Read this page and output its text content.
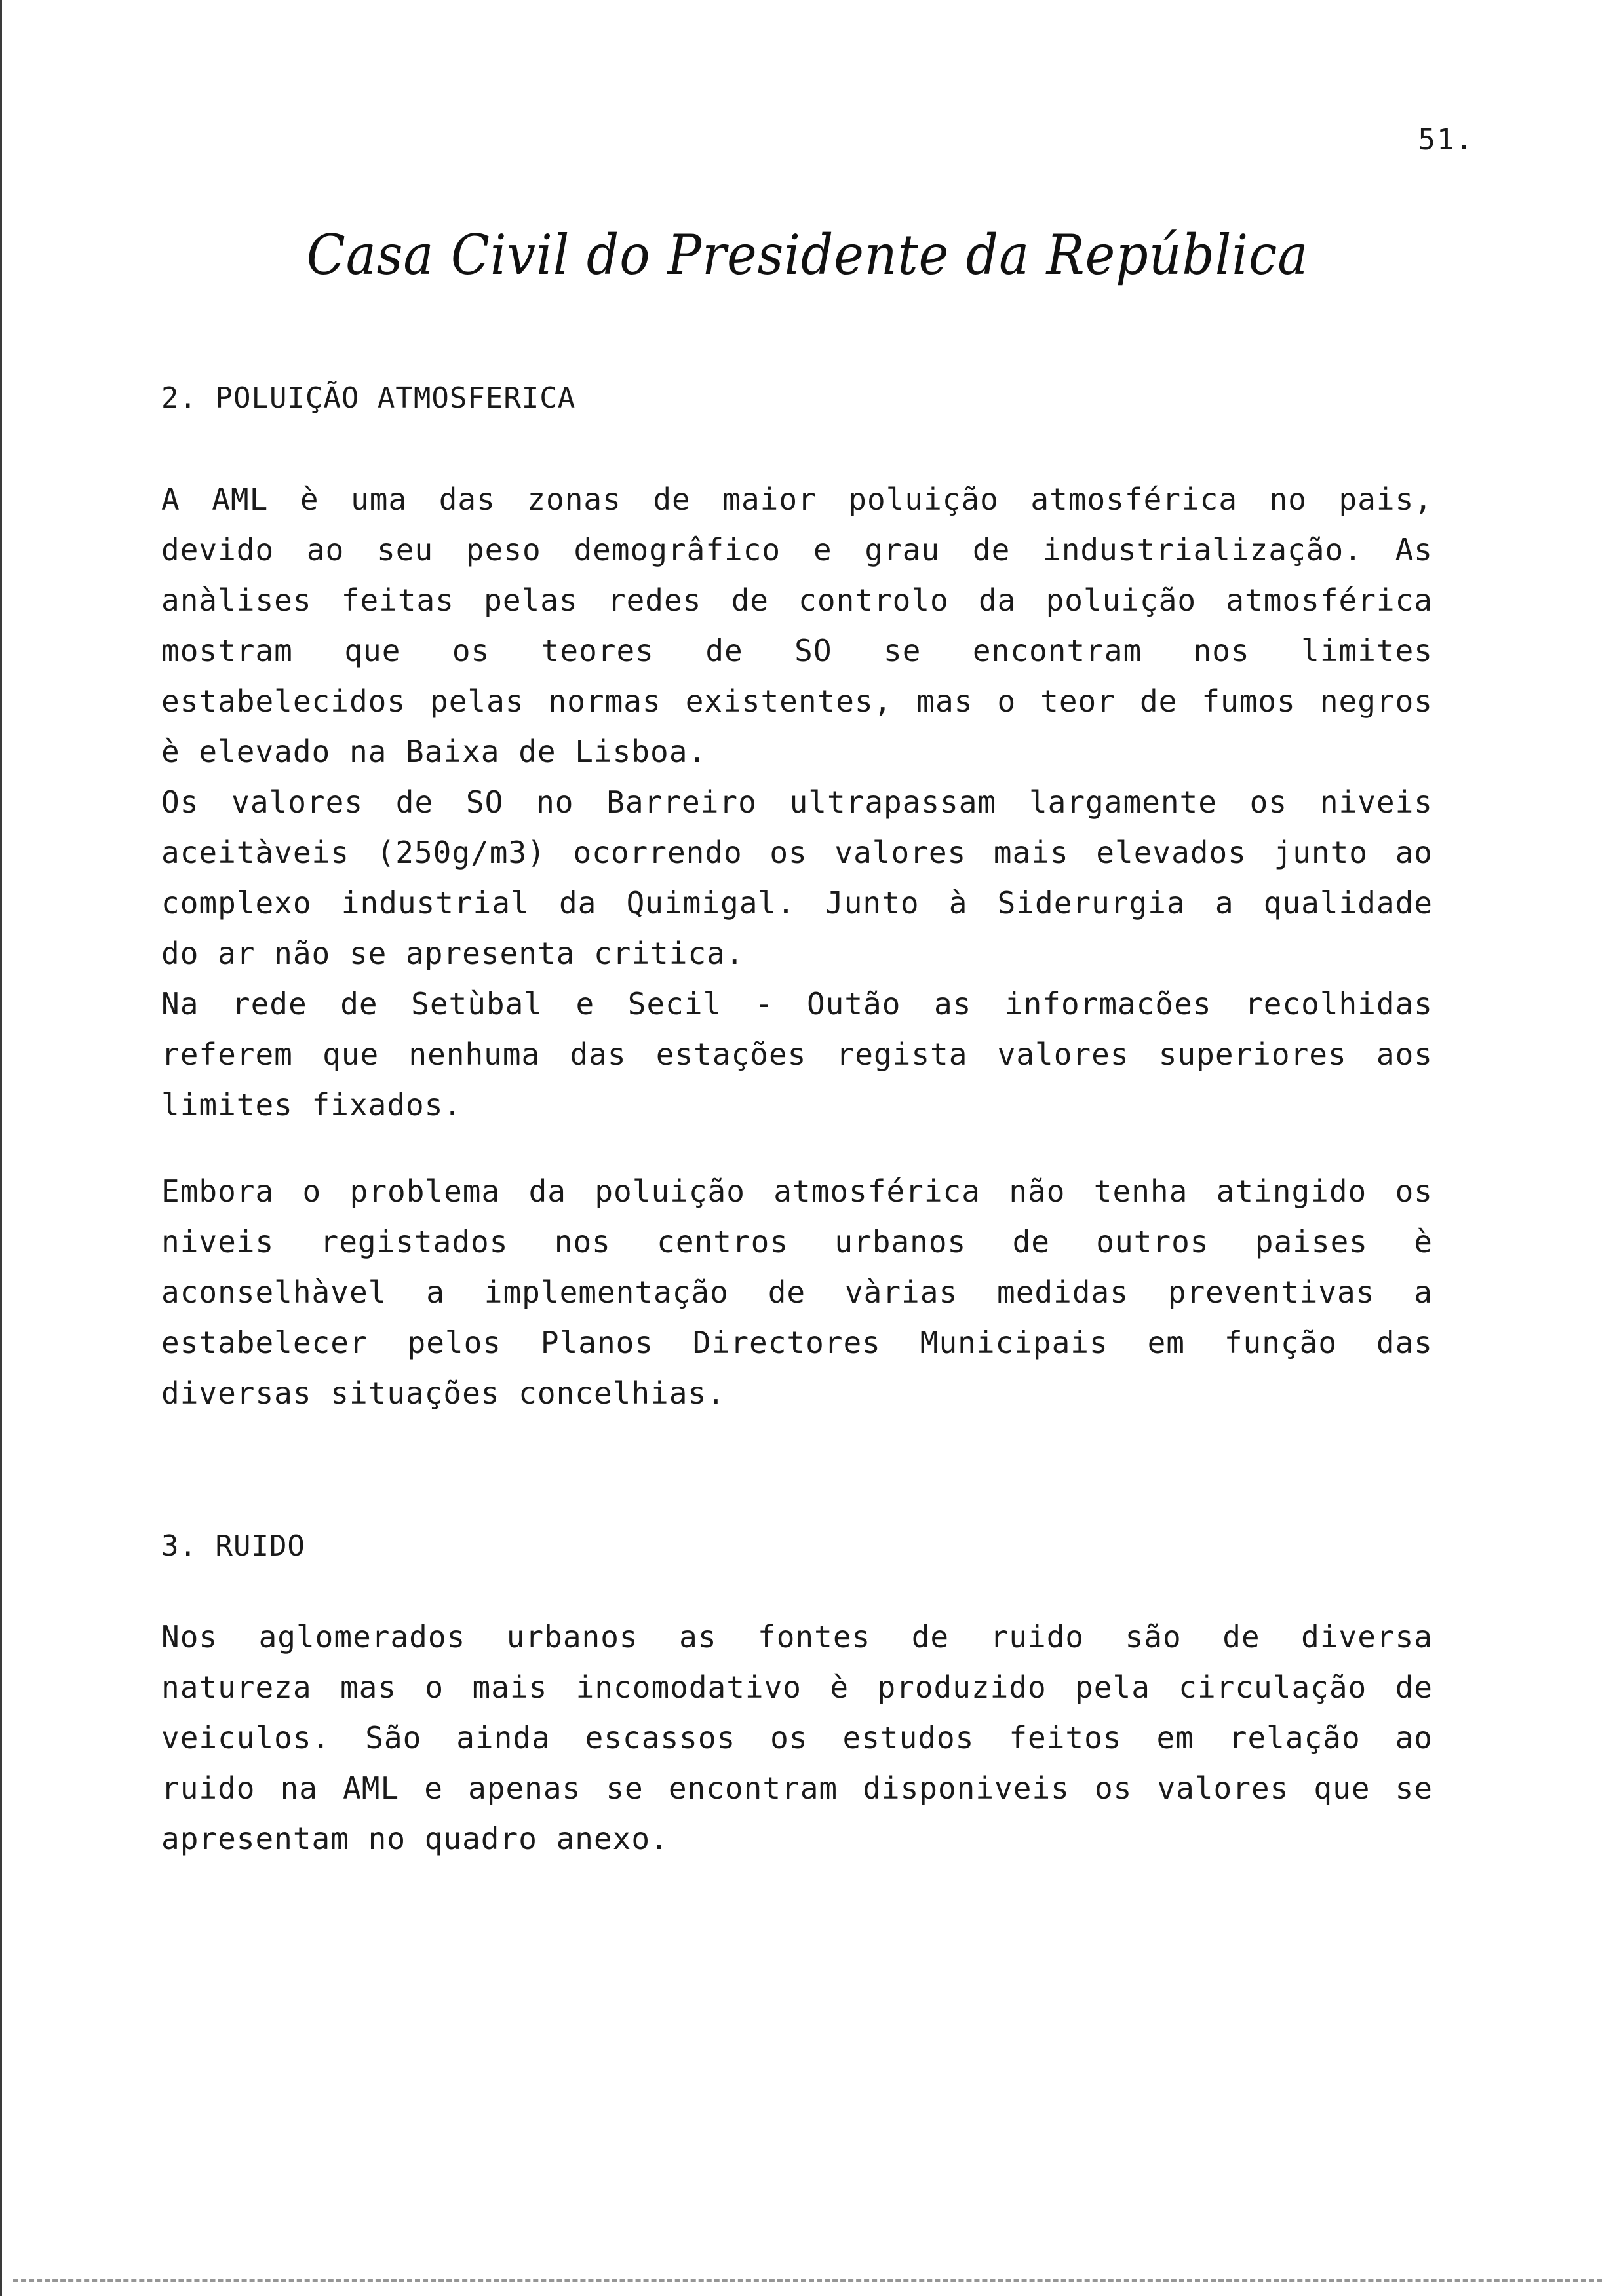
51.
Casa Civil do Presidente da República
2. POLUIÇÃO ATMOSFERICA
A AML è uma das zonas de maior poluição atmosférica no pais,
devido ao seu peso demogrâfico e grau de industrialização. As
anàlises feitas pelas redes de controlo da poluição atmosférica
mostram que os teores de SO se encontram nos limites
estabelecidos pelas normas existentes, mas o teor de fumos negros
è elevado na Baixa de Lisboa.
Os valores de SO no Barreiro ultrapassam largamente os niveis
aceitàveis (250g/m3) ocorrendo os valores mais elevados junto ao
complexo industrial da Quimigal. Junto à Siderurgia a qualidade
do ar não se apresenta critica.
Na rede de Setùbal e Secil - Outão as informacões recolhidas
referem que nenhuma das estações regista valores superiores aos
limites fixados.
Embora o problema da poluição atmosférica não tenha atingido os
niveis registados nos centros urbanos de outros paises è
aconselhàvel a implementação de vàrias medidas preventivas a
estabelecer pelos Planos Directores Municipais em função das
diversas situações concelhias.
3. RUIDO
Nos aglomerados urbanos as fontes de ruido são de diversa
natureza mas o mais incomodativo è produzido pela circulação de
veiculos. São ainda escassos os estudos feitos em relação ao
ruido na AML e apenas se encontram disponiveis os valores que se
apresentam no quadro anexo.
